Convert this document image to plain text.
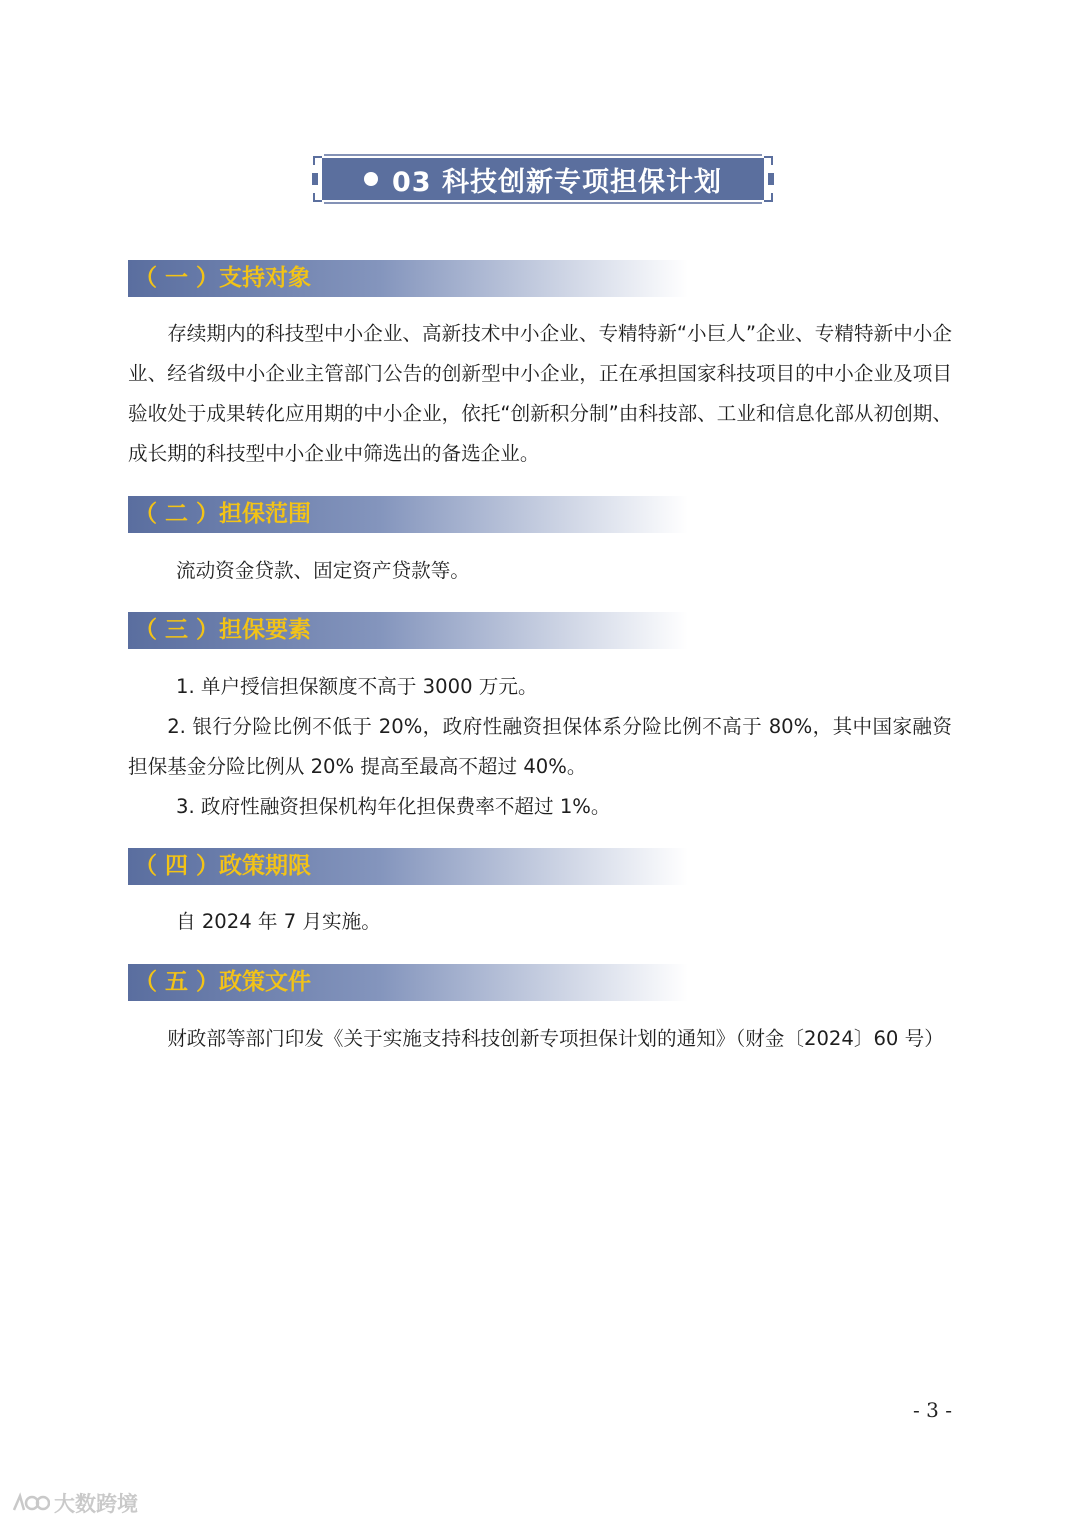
03 科技创新专项担保计划
（ 一 ）支持对象
存续期内的科技型中小企业、高新技术中小企业、专精特新“小巨人”企业、专精特新中小企业、经省级中小企业主管部门公告的创新型中小企业，正在承担国家科技项目的中小企业及项目验收处于成果转化应用期的中小企业，依托“创新积分制”由科技部、工业和信息化部从初创期、成长期的科技型中小企业中筛选出的备选企业。
（ 二 ）担保范围
流动资金贷款、固定资产贷款等。
（ 三 ）担保要素
1. 单户授信担保额度不高于 3000 万元。
2. 银行分险比例不低于 20%，政府性融资担保体系分险比例不高于 80%，其中国家融资担保基金分险比例从 20% 提高至最高不超过 40%。
3. 政府性融资担保机构年化担保费率不超过 1%。
（ 四 ）政策期限
自 2024 年 7 月实施。
（ 五 ）政策文件
财政部等部门印发《关于实施支持科技创新专项担保计划的通知》（财金〔2024〕60 号）
- 3 -
大数跨境
